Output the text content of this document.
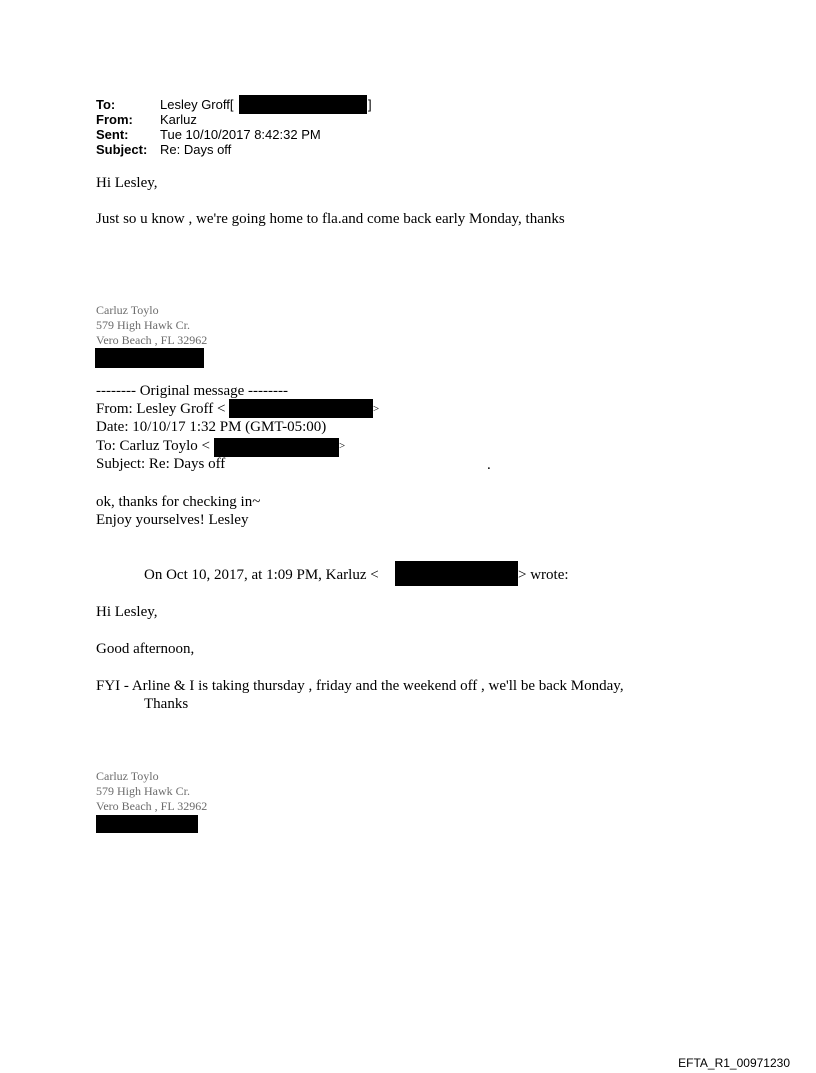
To:	Lesley Groff[	]
From: Karluz
Sent: Tue 10/10/2017 8:42:32 PM
Subject: Re: Days off
Hi Lesley,
Just so u know , we're going home to fla.and come back early Monday, thanks
Carluz Toylo
579 High Hawk Cr.
Vero Beach , FL 32962
-------- Original message --------
From: Lesley Groff <	>
Date: 10/10/17 1:32 PM (GMT-05:00)
To: Carluz Toylo <	>
Subject: Re: Days off	.
ok, thanks for checking in~
Enjoy yourselves! Lesley
On Oct 10, 2017, at 1:09 PM, Karluz <	> wrote:
Hi Lesley,
Good afternoon,
FYI - Arline & I is taking thursday , friday and the weekend off , we'll be back Monday,
Thanks
Carluz Toylo
579 High Hawk Cr.
Vero Beach , FL 32962
EFTA_R1_00971230
